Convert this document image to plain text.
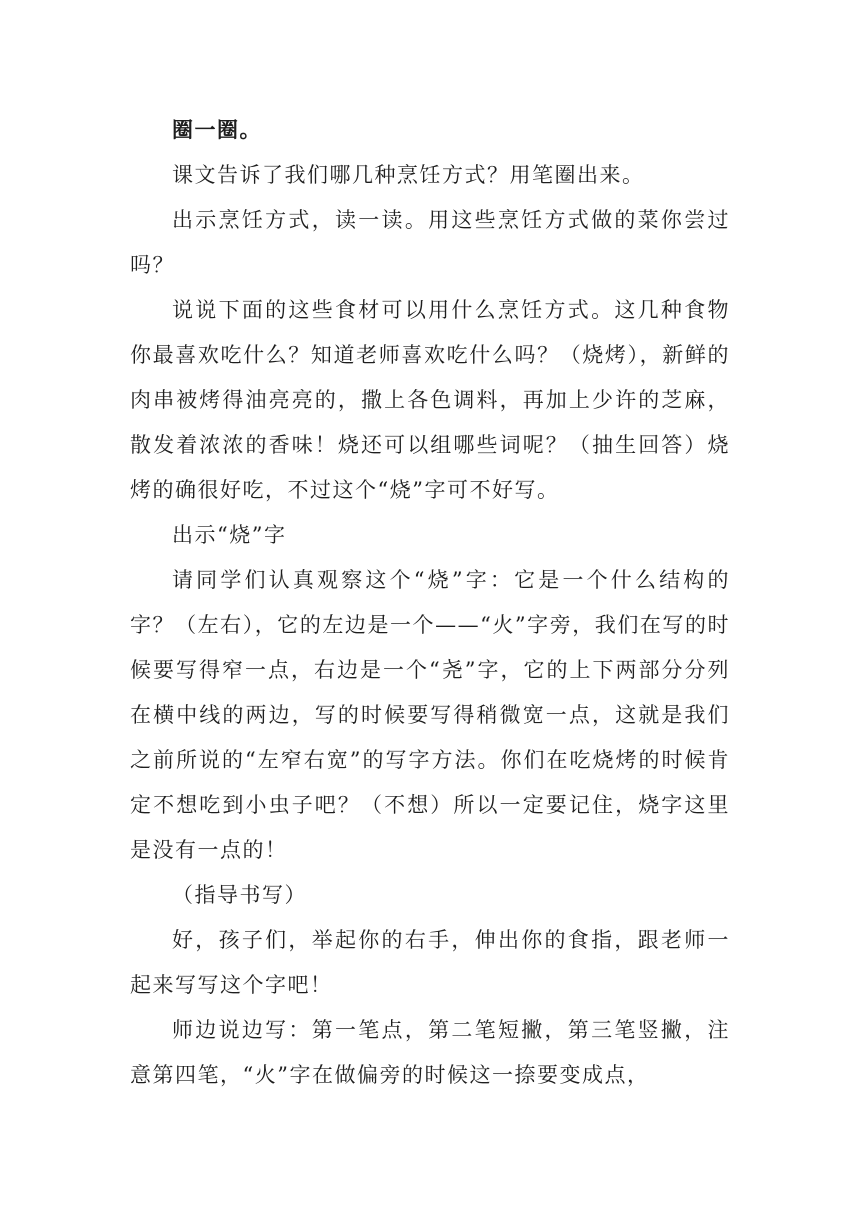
圈一圈。

课文告诉了我们哪几种烹饪方式？用笔圈出来。

出示烹饪方式，读一读。用这些烹饪方式做的菜你尝过吗？

说说下面的这些食材可以用什么烹饪方式。这几种食物你最喜欢吃什么？知道老师喜欢吃什么吗？（烧烤），新鲜的肉串被烤得油亮亮的，撒上各色调料，再加上少许的芝麻，散发着浓浓的香味！烧还可以组哪些词呢？（抽生回答）烧烤的确很好吃，不过这个“烧”字可不好写。

出示“烧”字

请同学们认真观察这个“烧”字：它是一个什么结构的字？（左右），它的左边是一个——“火”字旁，我们在写的时候要写得窄一点，右边是一个“尧”字，它的上下两部分分列在横中线的两边，写的时候要写得稍微宽一点，这就是我们之前所说的“左窄右宽”的写字方法。你们在吃烧烤的时候肯定不想吃到小虫子吧？（不想）所以一定要记住，烧字这里是没有一点的！

（指导书写）

好，孩子们，举起你的右手，伸出你的食指，跟老师一起来写写这个字吧！

师边说边写：第一笔点，第二笔短撇，第三笔竖撇，注意第四笔，“火”字在做偏旁的时候这一捺要变成点，
